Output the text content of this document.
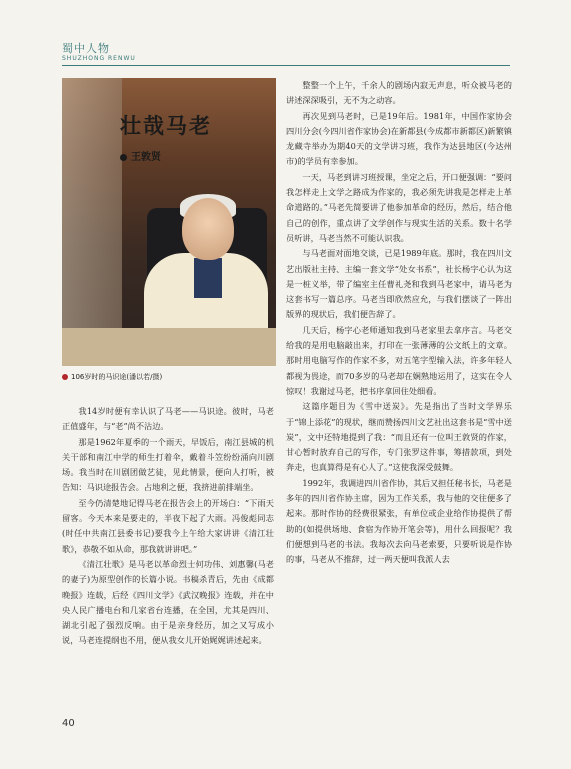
蜀中人物
SHUZHONG RENWU
壮哉马老
王敦贤
106岁时的马识途(潘以若/摄)

我14岁时便有幸认识了马老——马识途。彼时，马老正值盛年，与“老”尚不沾边。

那是1962年夏季的一个雨天，早饭后，南江县城的机关干部和南江中学的师生打着伞，戴着斗笠纷纷涌向川剧场。我当时在川剧团做艺徒，见此情景，便向人打听，被告知：马识途报告会。占地利之便，我挤进前排端坐。

至今仍清楚地记得马老在报告会上的开场白：“下雨天留客。今天本来是要走的，半夜下起了大雨。冯俊彪同志(时任中共南江县委书记)要我今上午给大家讲讲《清江壮歌》，恭敬不如从命，那我就讲讲吧。”

《清江壮歌》是马老以革命烈士何功伟、刘惠馨(马老的妻子)为原型创作的长篇小说。书稿杀青后，先由《成都晚报》连载，后经《四川文学》《武汉晚报》连载，并在中央人民广播电台和几家省台连播，在全国，尤其是四川、湖北引起了强烈反响。由于是亲身经历，加之又写成小说，马老连提纲也不用，便从我女儿开始娓娓讲述起来。

整整一个上午，千余人的剧场内寂无声息，听众被马老的讲述深深吸引，无不为之动容。

再次见到马老时，已是19年后。1981年，中国作家协会四川分会(今四川省作家协会)在新都县(今成都市新都区)新繁镇龙藏寺举办为期40天的文学讲习班，我作为达县地区(今达州市)的学员有幸参加。

一天，马老到讲习班授课，坐定之后，开口便强调：“要问我怎样走上文学之路成为作家的，我必须先讲我是怎样走上革命道路的。”马老先简要讲了他参加革命的经历，然后，结合他自己的创作，重点讲了文学创作与现实生活的关系。数十名学员听讲，马老当然不可能认识我。

与马老面对面地交谈，已是1989年底。那时，我在四川文艺出版社主持、主编一套文学“处女书系”，社长杨字心认为这是一桩义举，带了编室主任曹礼尧和我到马老家中，请马老为这套书写一篇总序。马老当即欣然应允，与我们摆谈了一阵出版界的现状后，我们便告辞了。

几天后，杨字心老师通知我到马老家里去拿序言。马老交给我的是用电脑敲出来，打印在一张薄薄的公文纸上的文章。那时用电脑写作的作家不多，对五笔字型输入法，许多年轻人都视为畏途，而70多岁的马老却在娴熟地运用了，这实在令人惊叹！我谢过马老，把书序拿回住处细看。

这篇序题目为《雪中送炭》。先是指出了当时文学界乐于“锦上添花”的现状，继而赞扬四川文艺社出这套书是“雪中送炭”，文中还特地提到了我：“而且还有一位叫王敦贤的作家，甘心暂时放弃自己的写作，专门张罗这件事，筹措款项，到处奔走，也真算得是有心人了。”这使我深受鼓舞。

1992年，我调进四川省作协，其后又担任秘书长，马老是多年的四川省作协主席，因为工作关系，我与他的交往便多了起来。那时作协的经费很紧张，有单位或企业给作协提供了帮助的(如提供场地、食宿为作协开笔会等)，用什么回报呢？我们便想到马老的书法。我每次去向马老索要，只要听说是作协的事，马老从不推辞，过一两天便叫我派人去

40
